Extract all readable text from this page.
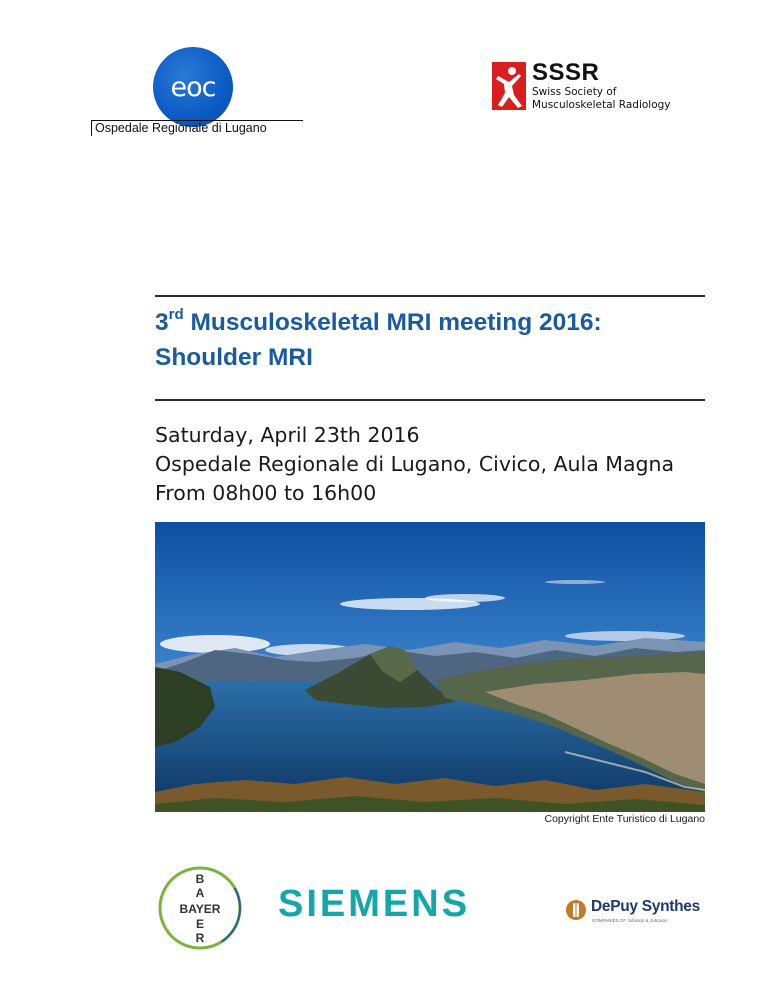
eoc
Ospedale Regionale di Lugano
SSSR
Swiss Society of
Musculoskeletal Radiology
3rd Musculoskeletal MRI meeting 2016:
Shoulder MRI
Saturday, April 23th 2016
Ospedale Regionale di Lugano, Civico, Aula Magna
From 08h00 to 16h00
Copyright Ente Turistico di Lugano
B
A
BAYER
E
R
SIEMENS	DePuy Synthes
COMPANIES OF Johnson & Johnson
